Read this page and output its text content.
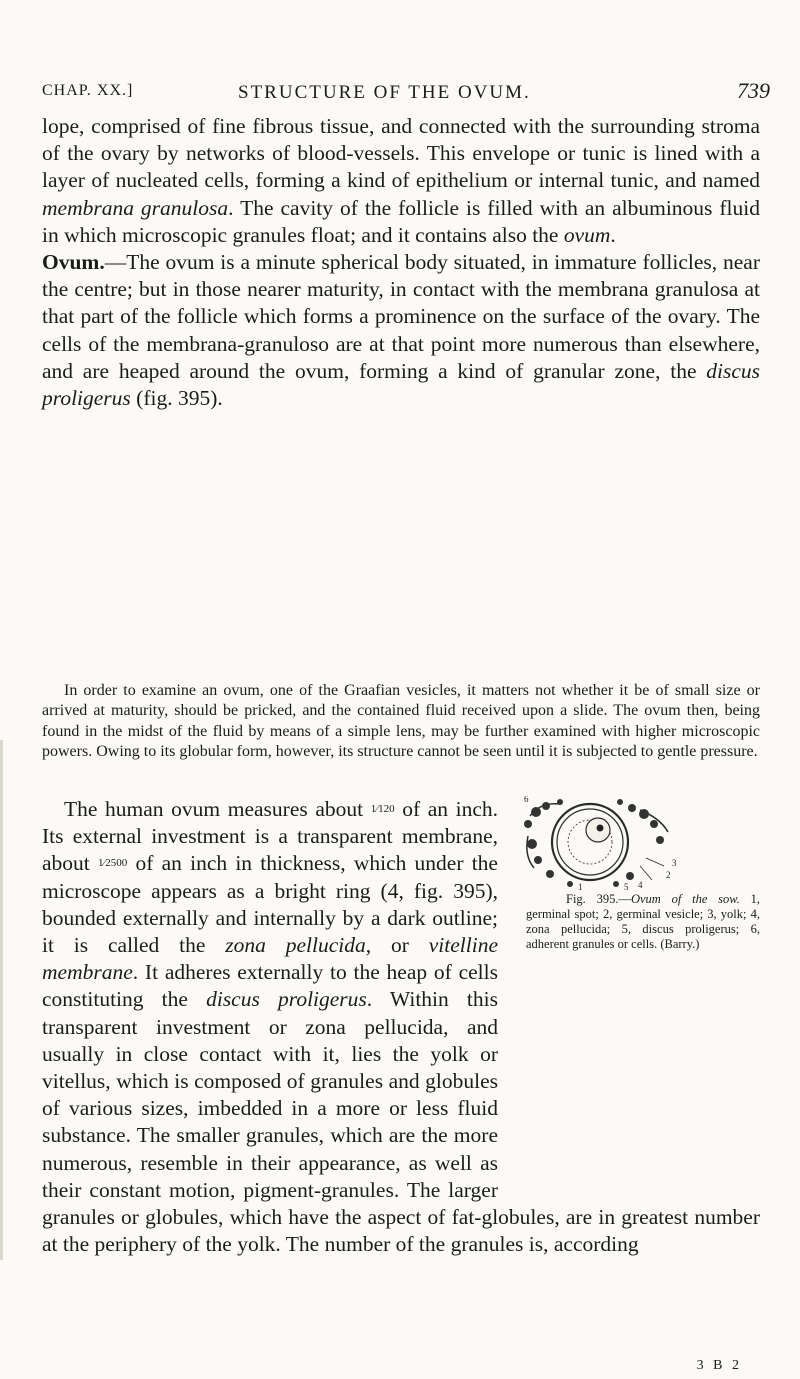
CHAP. XX.]	STRUCTURE OF THE OVUM.	739
lope, comprised of fine fibrous tissue, and connected with the surrounding stroma of the ovary by networks of blood-vessels. This envelope or tunic is lined with a layer of nucleated cells, forming a kind of epithelium or internal tunic, and named membrana granulosa. The cavity of the follicle is filled with an albuminous fluid in which microscopic granules float; and it contains also the ovum.
Ovum.—The ovum is a minute spherical body situated, in immature follicles, near the centre; but in those nearer maturity, in contact with the membrana granulosa at that part of the follicle which forms a prominence on the surface of the ovary. The cells of the membrana-granuloso are at that point more numerous than elsewhere, and are heaped around the ovum, forming a kind of granular zone, the discus proligerus (fig. 395).
In order to examine an ovum, one of the Graafian vesicles, it matters not whether it be of small size or arrived at maturity, should be pricked, and the contained fluid received upon a slide. The ovum then, being found in the midst of the fluid by means of a simple lens, may be further examined with higher microscopic powers. Owing to its globular form, however, its structure cannot be seen until it is subjected to gentle pressure.
1
2
3
4
5
6
Fig. 395.—Ovum of the sow. 1, germinal spot; 2, germinal vesicle; 3, yolk; 4, zona pellucida; 5, discus proligerus; 6, adherent granules or cells. (Barry.)
The human ovum measures about 1⁄120 of an inch. Its external investment is a transparent membrane, about 1⁄2500 of an inch in thickness, which under the microscope appears as a bright ring (4, fig. 395), bounded externally and internally by a dark outline; it is called the zona pellucida, or vitelline membrane. It adheres externally to the heap of cells constituting the discus proligerus. Within this transparent investment or zona pellucida, and usually in close contact with it, lies the yolk or vitellus, which is composed of granules and globules of various sizes, imbedded in a more or less fluid substance. The smaller granules, which are the more numerous, resemble in their appearance, as well as their constant motion, pigment-granules. The larger granules or globules, which have the aspect of fat-globules, are in greatest number at the periphery of the yolk. The number of the granules is, according
3 B 2
